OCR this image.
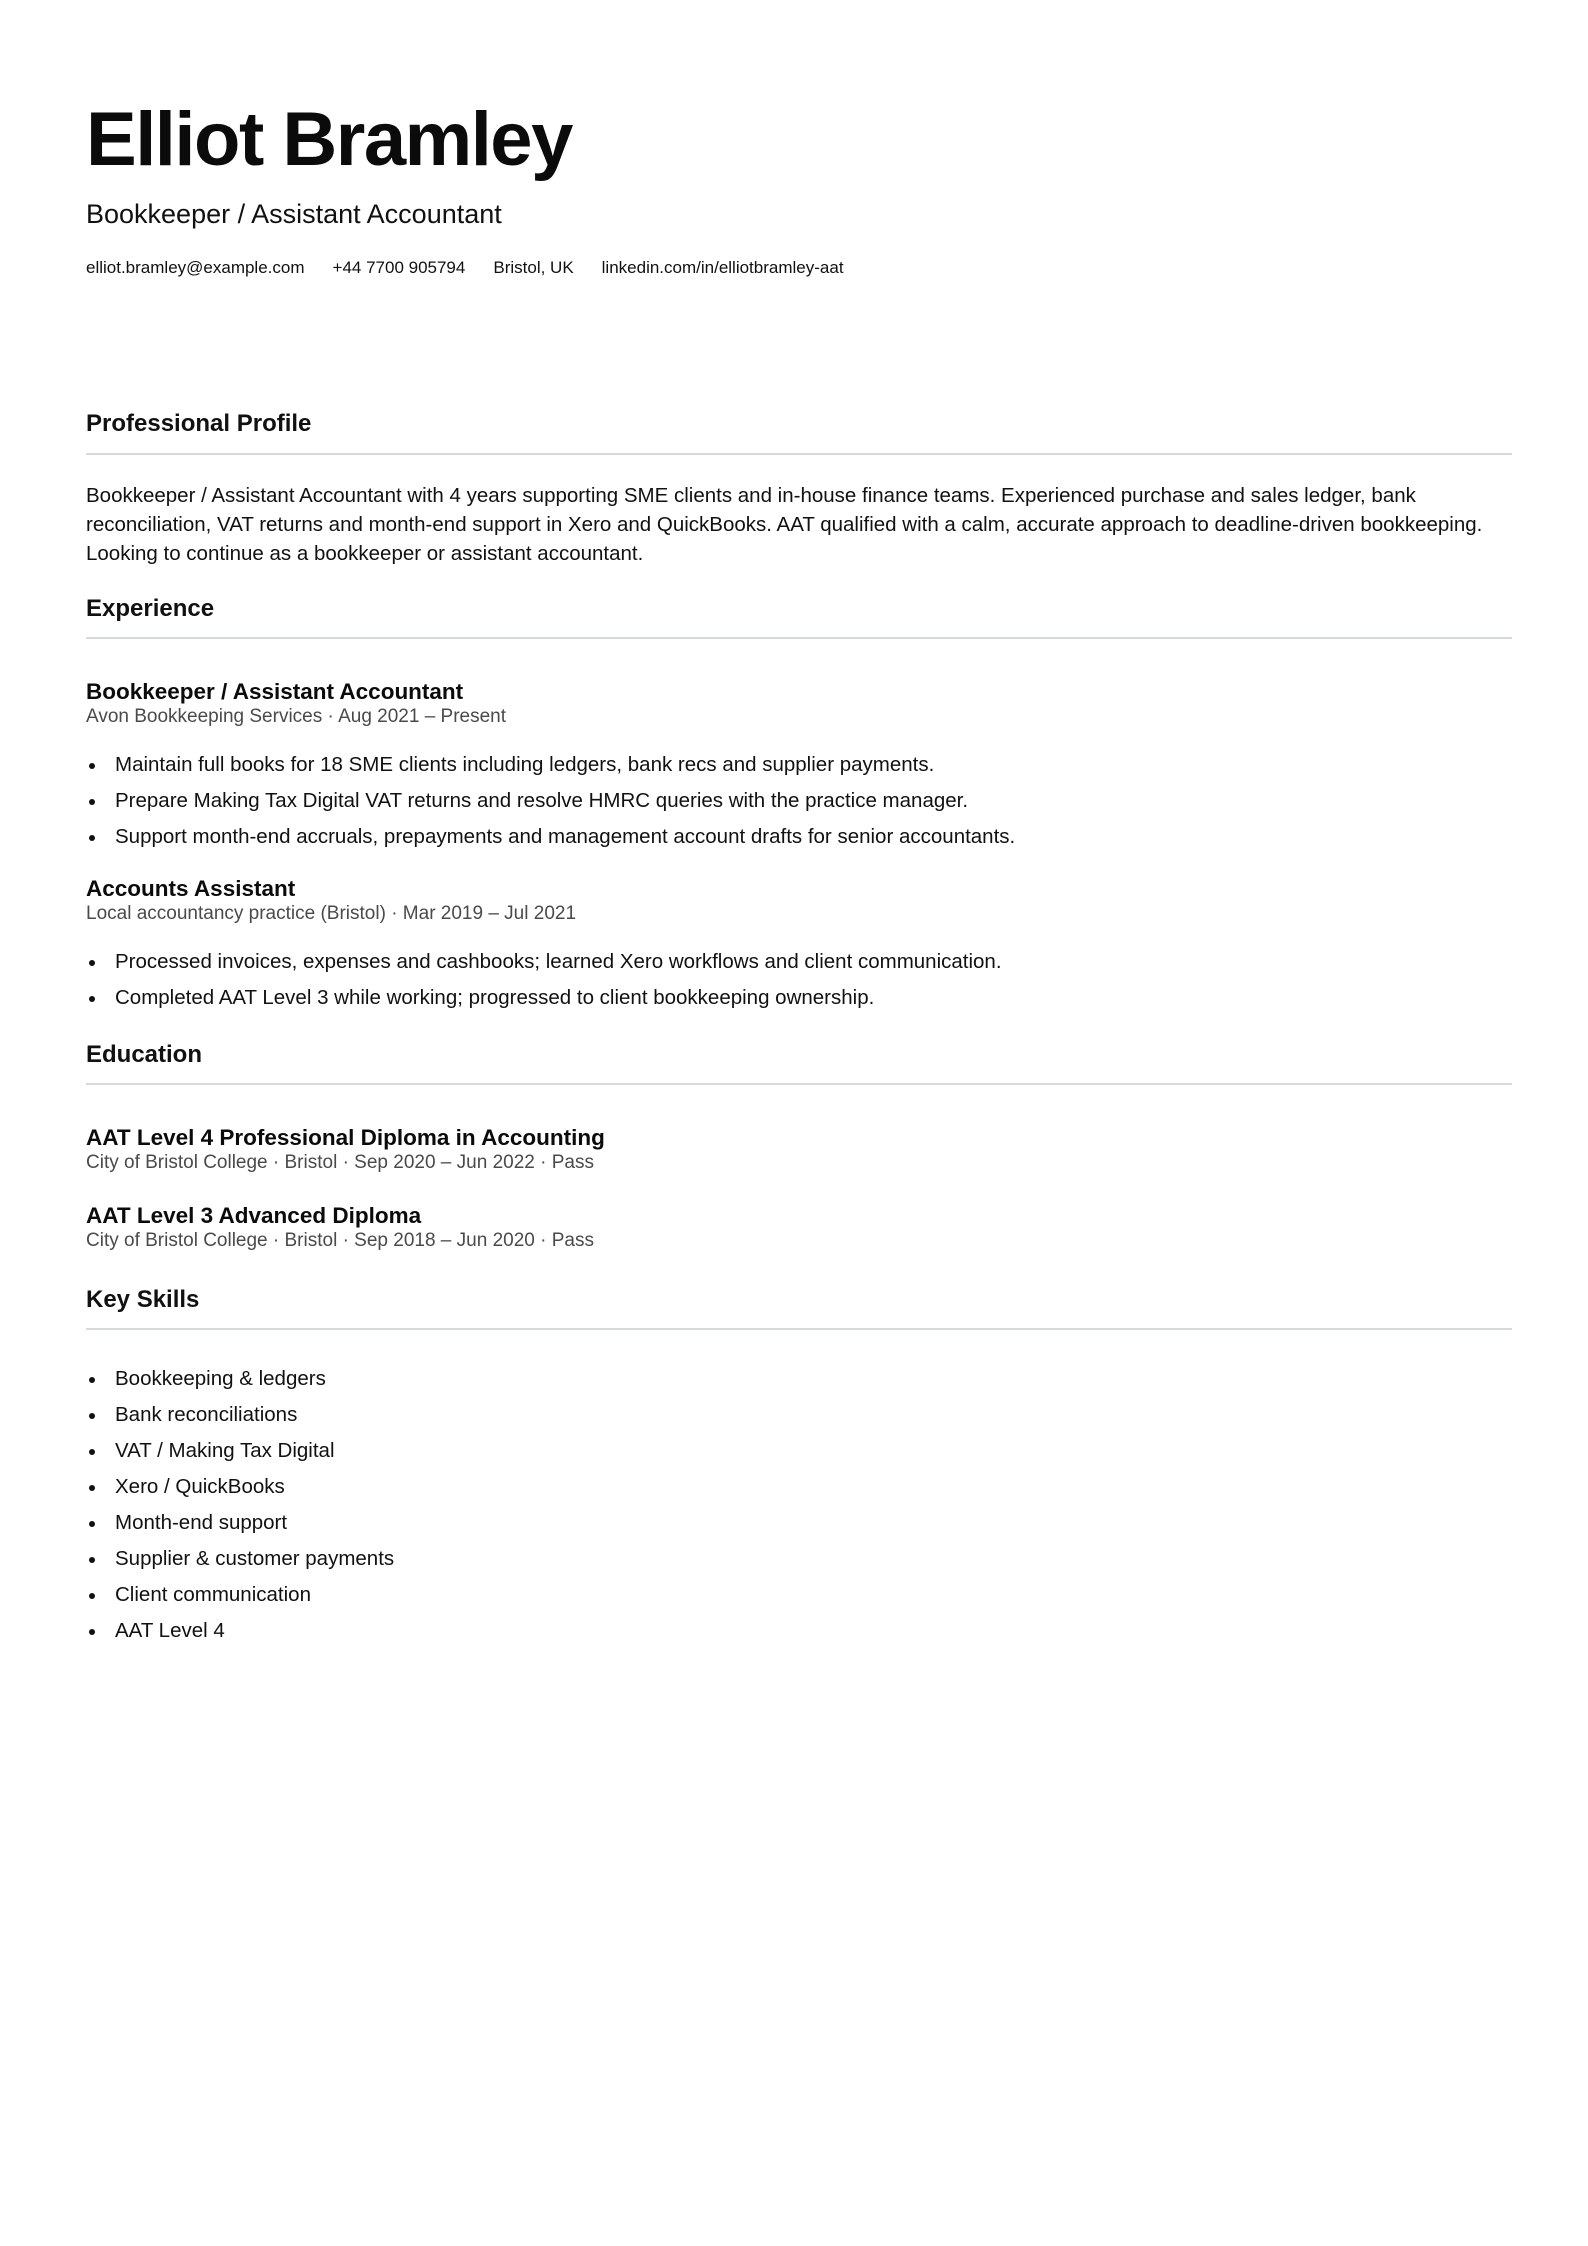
Elliot Bramley

Bookkeeper / Assistant Accountant

elliot.bramley@example.com +44 7700 905794 Bristol, UK linkedin.com/in/elliotbramley-aat
Professional Profile

Bookkeeper / Assistant Accountant with 4 years supporting SME clients and in-house finance teams. Experienced purchase and sales ledger, bank reconciliation, VAT returns and month-end support in Xero and QuickBooks. AAT qualified with a calm, accurate approach to deadline-driven bookkeeping. Looking to continue as a bookkeeper or assistant accountant.

Experience
Bookkeeper / Assistant Accountant

Avon Bookkeeping Services · Aug 2021 – Present

Maintain full books for 18 SME clients including ledgers, bank recs and supplier payments.
Prepare Making Tax Digital VAT returns and resolve HMRC queries with the practice manager.
Support month-end accruals, prepayments and management account drafts for senior accountants.
Accounts Assistant

Local accountancy practice (Bristol) · Mar 2019 – Jul 2021

Processed invoices, expenses and cashbooks; learned Xero workflows and client communication.
Completed AAT Level 3 while working; progressed to client bookkeeping ownership.
Education
AAT Level 4 Professional Diploma in Accounting

City of Bristol College · Bristol · Sep 2020 – Jun 2022 · Pass

AAT Level 3 Advanced Diploma

City of Bristol College · Bristol · Sep 2018 – Jun 2020 · Pass

Key Skills
Bookkeeping & ledgers
Bank reconciliations
VAT / Making Tax Digital
Xero / QuickBooks
Month-end support
Supplier & customer payments
Client communication
AAT Level 4
